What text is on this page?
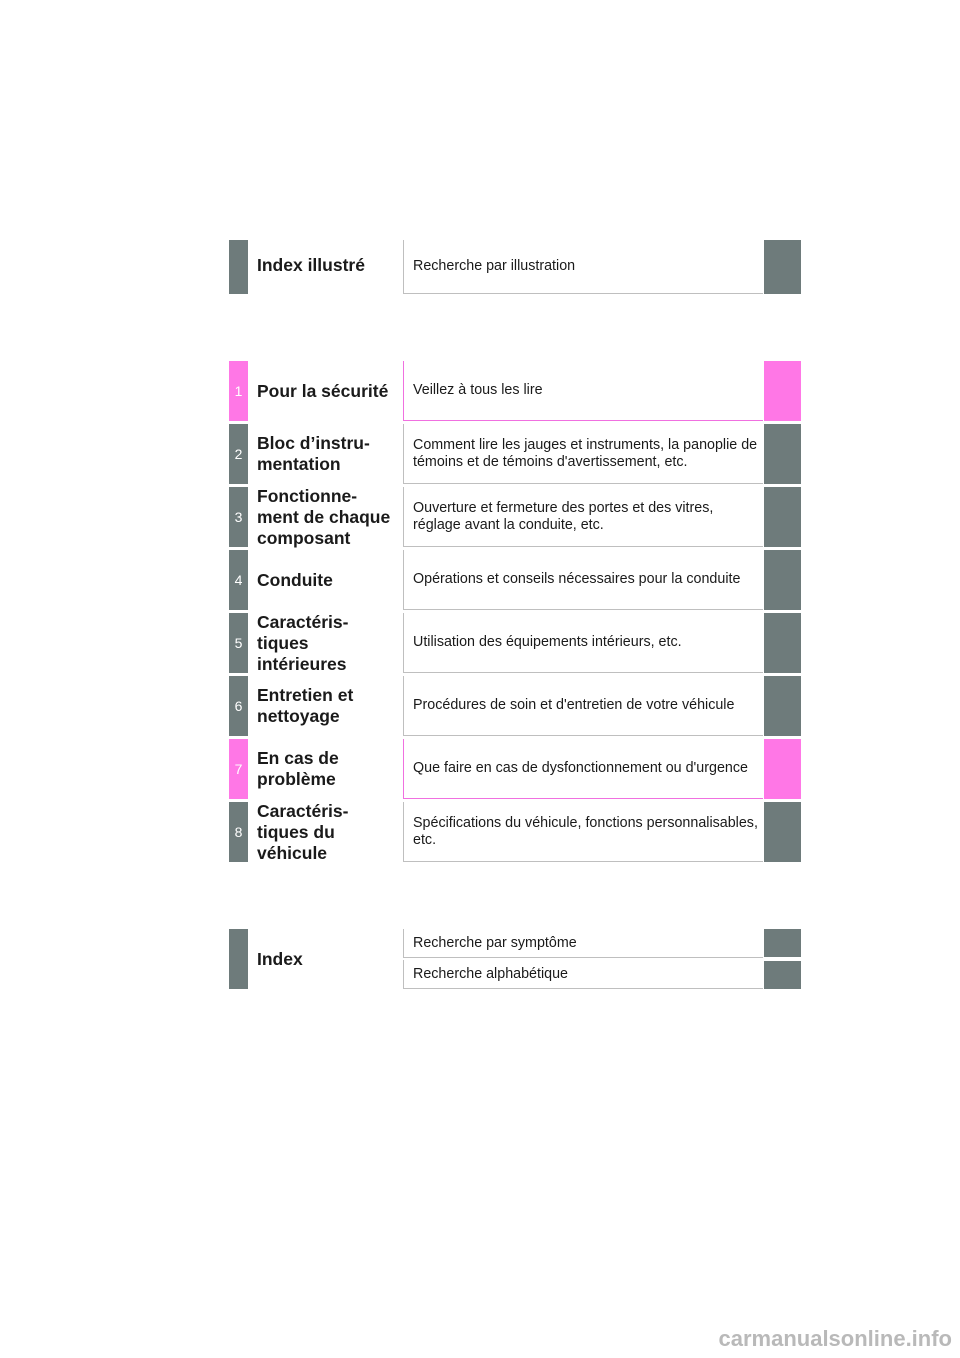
Index illustré	Recherche par illustration
1 Pour la sécurité Veillez à tous les lire
2
Bloc d’instru-
mentation
Comment lire les jauges et instruments, la panoplie de témoins et de témoins d'avertissement, etc.
3
Fonctionne-
ment de chaque composant
Ouverture et fermeture des portes et des vitres, réglage avant la conduite, etc.
4 Conduite	Opérations et conseils nécessaires pour la conduite
5
Caractéris-
tiques
intérieures
Utilisation des équipements intérieurs, etc.
6
Entretien et nettoyage
Procédures de soin et d'entretien de votre véhicule
7
En cas de problème
Que faire en cas de dysfonctionnement ou d'urgence
8
Caractéris-
tiques du
véhicule
Spécifications du véhicule, fonctions personnalisables, etc.
Index
Recherche par symptôme
Recherche alphabétique
carmanualsonline.info
